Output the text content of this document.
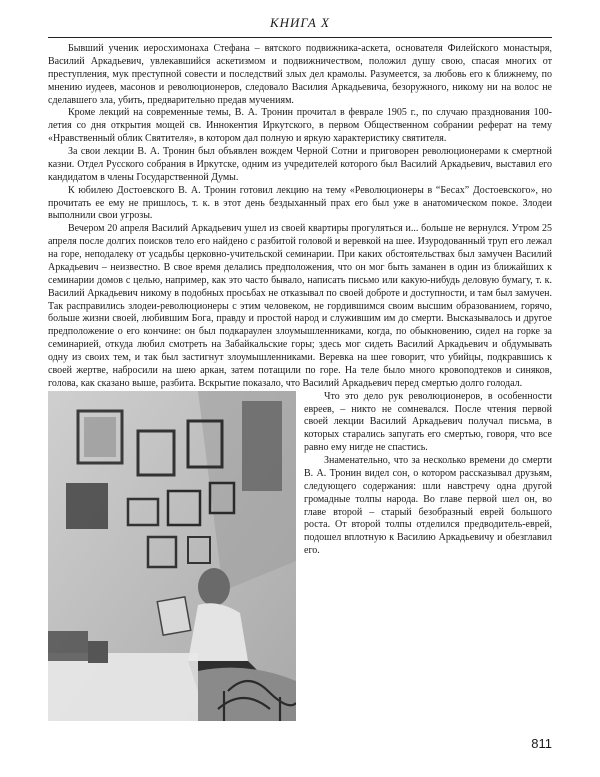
КНИГА X

Бывший ученик иеросхимонаха Стефана – вятского подвижника-аскета, основателя Филейского монастыря, Василий Аркадьевич, увлекавшийся аскетизмом и подвижничеством, положил душу свою, спасая многих от преступления, мук преступной совести и последствий злых дел крамолы. Разумеется, за любовь его к ближнему, по мнению иудеев, масонов и революционеров, следовало Василия Аркадьевича, безоружного, никому ни на волос не сделавшего зла, убить, предварительно предав мучениям.

Кроме лекций на современные темы, В. А. Тронин прочитал в феврале 1905 г., по случаю празднования 100-летия со дня открытия мощей св. Иннокентия Иркутского, в первом Общественном собрании реферат на тему «Нравственный облик Святителя», в котором дал полную и яркую характеристику святителя.

За свои лекции В. А. Тронин был объявлен вождем Черной Сотни и приговорен революционерами к смертной казни. Отдел Русского собрания в Иркутске, одним из учредителей которого был Василий Аркадьевич, выставил его кандидатом в члены Государственной Думы.

К юбилею Достоевского В. А. Тронин готовил лекцию на тему «Революционеры в “Бесах” Достоевского», но прочитать ее ему не пришлось, т. к. в этот день бездыханный прах его был уже в анатомическом покое. Злодеи выполнили свои угрозы.

Вечером 20 апреля Василий Аркадьевич ушел из своей квартиры прогуляться и... больше не вернулся. Утром 25 апреля после долгих поисков тело его найдено с разбитой головой и веревкой на шее. Изуродованный труп его лежал на горе, неподалеку от усадьбы церковно-учительской семинарии. При каких обстоятельствах был замучен Василий Аркадьевич – неизвестно. В свое время делались предположения, что он мог быть заманен в один из ближайших к семинарии домов с целью, например, как это часто бывало, написать письмо или какую-нибудь деловую бумагу, т. к. Василий Аркадьевич никому в подобных просьбах не отказывал по своей доброте и доступности, и там был замучен. Так расправились злодеи-революционеры с этим человеком, не гордившимся своим высшим образованием, горячо, больше жизни своей, любившим Бога, правду и простой народ и служившим им до смерти. Высказывалось и другое предположение о его кончине: он был подкараулен злоумышленниками, когда, по обыкновению, сидел на горке за семинарией, откуда любил смотреть на Забайкальские горы; здесь мог сидеть Василий Аркадьевич и обдумывать одну из своих тем, и так был застигнут злоумышленниками. Веревка на шее говорит, что убийцы, подкравшись к своей жертве, набросили на шею аркан, затем потащили по горе. На теле было много кровоподтеков и синяков, голова, как сказано выше, разбита. Вскрытие показало, что Василий Аркадьевич перед смертью долго голодал.

Что это дело рук революционеров, в особенности евреев, – никто не сомневался. После чтения первой своей лекции Василий Аркадьевич получал письма, в которых старались запугать его смертью, говоря, что все равно ему нигде не спастись.

Знаменательно, что за несколько времени до смерти В. А. Тронин видел сон, о котором рассказывал друзьям, следующего содержания: шли навстречу одна другой громадные толпы народа. Во главе первой шел он, во главе второй – старый безобразный еврей большого роста. От второй толпы отделился предводитель-еврей, подошел вплотную к Василию Аркадьевичу и обезглавил его.

811
